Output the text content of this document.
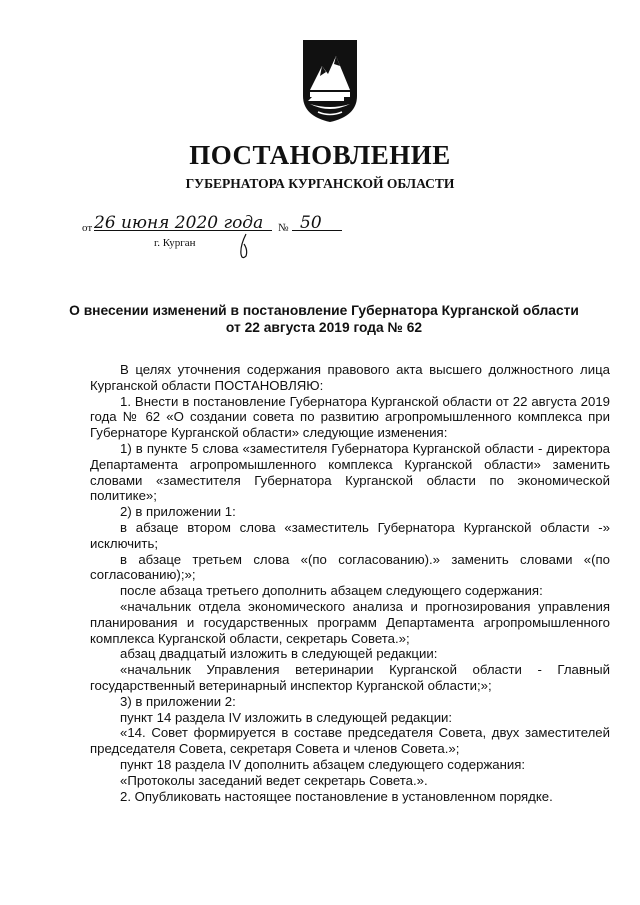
ПОСТАНОВЛЕНИЕ
ГУБЕРНАТОРА КУРГАНСКОЙ ОБЛАСТИ
от 26 июня 2020 года № 50
г. Курган
О внесении изменений в постановление Губернатора Курганской области
от 22 августа 2019 года № 62

В целях уточнения содержания правового акта высшего должностного лица Курганской области ПОСТАНОВЛЯЮ:

1. Внести в постановление Губернатора Курганской области от 22 августа 2019 года № 62 «О создании совета по развитию агропромышленного комплекса при Губернаторе Курганской области» следующие изменения:

1) в пункте 5 слова «заместителя Губернатора Курганской области - директора Департамента агропромышленного комплекса Курганской области» заменить словами «заместителя Губернатора Курганской области по экономической политике»;

2) в приложении 1:

в абзаце втором слова «заместитель Губернатора Курганской области -» исключить;

в абзаце третьем слова «(по согласованию).» заменить словами «(по согласованию);»;

после абзаца третьего дополнить абзацем следующего содержания:

«начальник отдела экономического анализа и прогнозирования управления планирования и государственных программ Департамента агропромышленного комплекса Курганской области, секретарь Совета.»;

абзац двадцатый изложить в следующей редакции:

«начальник Управления ветеринарии Курганской области - Главный государственный ветеринарный инспектор Курганской области;»;

3) в приложении 2:

пункт 14 раздела IV изложить в следующей редакции:

«14. Совет формируется в составе председателя Совета, двух заместителей председателя Совета, секретаря Совета и членов Совета.»;

пункт 18 раздела IV дополнить абзацем следующего содержания:

«Протоколы заседаний ведет секретарь Совета.».

2. Опубликовать настоящее постановление в установленном порядке.
